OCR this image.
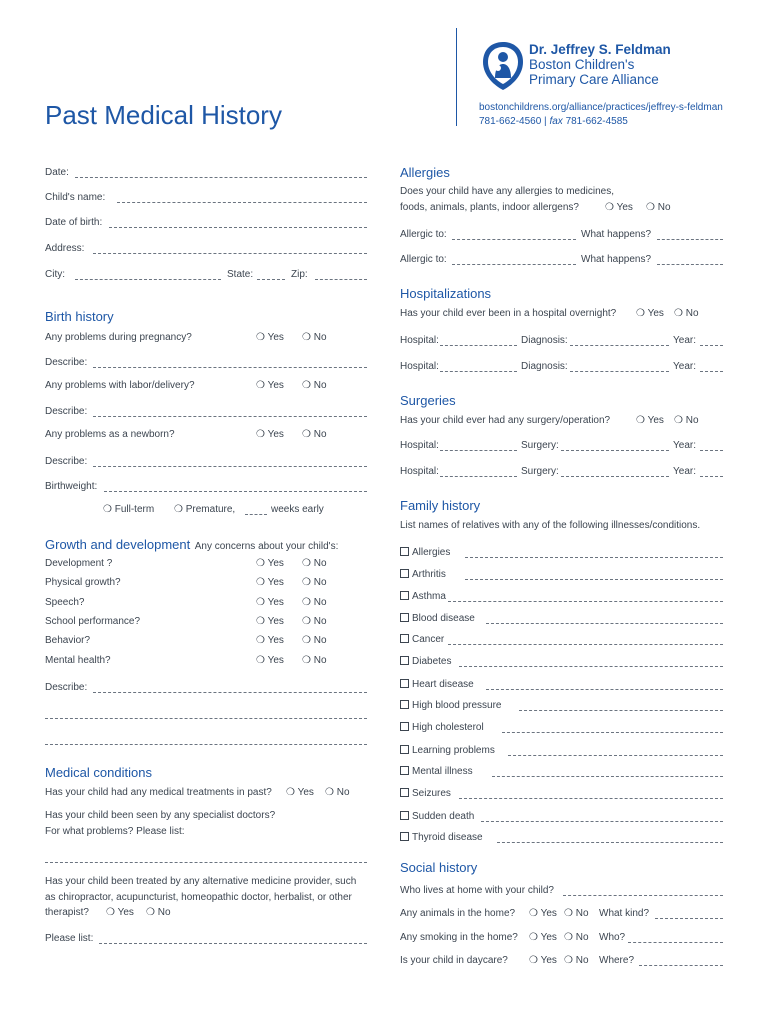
Past Medical History
Dr. Jeffrey S. Feldman
Boston Children's
Primary Care Alliance
bostonchildrens.org/alliance/practices/jeffrey-s-feldman
781-662-4560 | fax 781-662-4585
Date:
Child's name:
Date of birth:
Address:
City:	State:	Zip:
Birth history
Any problems during pregnancy?	❍ Yes ❍ No
Describe:
Any problems with labor/delivery?	❍ Yes ❍ No
Describe:
Any problems as a newborn?	❍ Yes ❍ No
Describe:
Birthweight:
❍ Full-term ❍ Premature,	weeks early
Growth and development Any concerns about your child's:
Development ?	❍ Yes ❍ No
Physical growth?	❍ Yes ❍ No
Speech?	❍ Yes ❍ No
School performance?	❍ Yes ❍ No
Behavior?	❍ Yes ❍ No
Mental health?	❍ Yes ❍ No
Describe:
Medical conditions
Has your child had any medical treatments in past? ❍ Yes ❍ No
Has your child been seen by any specialist doctors?
For what problems? Please list:
Has your child been treated by any alternative medicine provider, such
as chiropractor, acupuncturist, homeopathic doctor, herbalist, or other
therapist? ❍ Yes ❍ No
Please list:
Allergies
Does your child have any allergies to medicines,
foods, animals, plants, indoor allergens?	❍ Yes ❍ No
Allergic to:	What happens?
Allergic to:	What happens?
Hospitalizations
Has your child ever been in a hospital overnight? ❍ Yes ❍ No
Hospital:	Diagnosis:	Year:
Hospital:	Diagnosis:	Year:
Surgeries
Has your child ever had any surgery/operation?	❍ Yes ❍ No
Hospital:	Surgery:	Year:
Hospital:	Surgery:	Year:
Family history
List names of relatives with any of the following illnesses/conditions.
Allergies
Arthritis
Asthma
Blood disease
Cancer
Diabetes
Heart disease
High blood pressure
High cholesterol
Learning problems
Mental illness
Seizures
Sudden death
Thyroid disease
Social history
Who lives at home with your child?
Any animals in the home? ❍ Yes ❍ No What kind?
Any smoking in the home? ❍ Yes ❍ No Who?
Is your child in daycare? ❍ Yes ❍ No Where?
